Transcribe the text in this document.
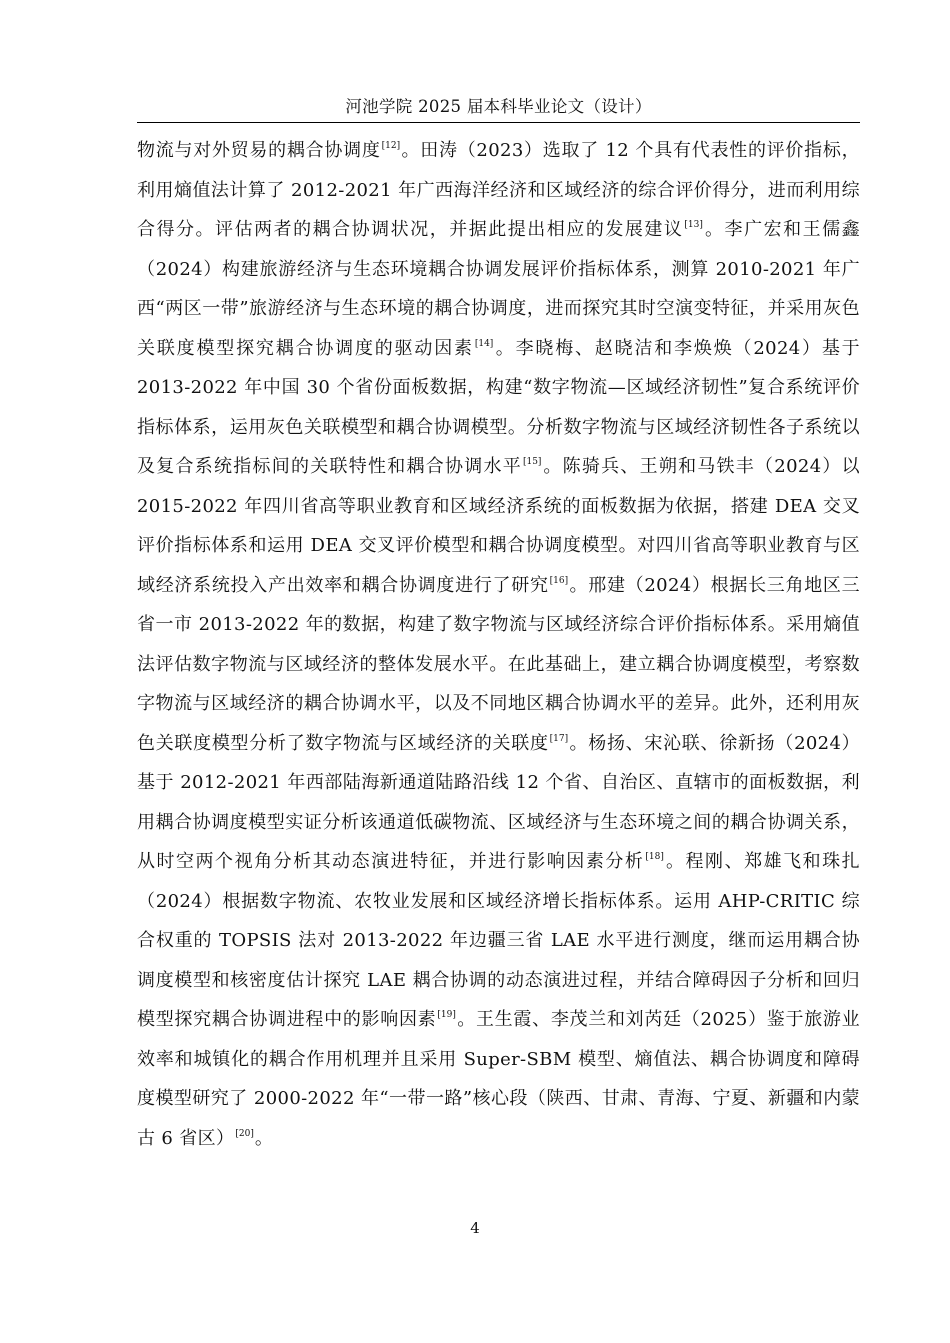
河池学院 2025 届本科毕业论文（设计）

物流与对外贸易的耦合协调度[12]。田涛（2023）选取了 12 个具有代表性的评价指标，利用熵值法计算了 2012-2021 年广西海洋经济和区域经济的综合评价得分，进而利用综合得分。评估两者的耦合协调状况，并据此提出相应的发展建议[13]。李广宏和王儒鑫（2024）构建旅游经济与生态环境耦合协调发展评价指标体系，测算 2010-2021 年广西“两区一带”旅游经济与生态环境的耦合协调度，进而探究其时空演变特征，并采用灰色关联度模型探究耦合协调度的驱动因素[14]。李晓梅、赵晓洁和李焕焕（2024）基于 2013-2022 年中国 30 个省份面板数据，构建“数字物流—区域经济韧性”复合系统评价指标体系，运用灰色关联模型和耦合协调模型。分析数字物流与区域经济韧性各子系统以及复合系统指标间的关联特性和耦合协调水平[15]。陈骑兵、王朔和马铁丰（2024）以 2015-2022 年四川省高等职业教育和区域经济系统的面板数据为依据，搭建 DEA 交叉评价指标体系和运用 DEA 交叉评价模型和耦合协调度模型。对四川省高等职业教育与区域经济系统投入产出效率和耦合协调度进行了研究[16]。邢建（2024）根据长三角地区三省一市 2013-2022 年的数据，构建了数字物流与区域经济综合评价指标体系。采用熵值法评估数字物流与区域经济的整体发展水平。在此基础上，建立耦合协调度模型，考察数字物流与区域经济的耦合协调水平，以及不同地区耦合协调水平的差异。此外，还利用灰色关联度模型分析了数字物流与区域经济的关联度[17]。杨扬、宋沁联、徐新扬（2024）基于 2012-2021 年西部陆海新通道陆路沿线 12 个省、自治区、直辖市的面板数据，利用耦合协调度模型实证分析该通道低碳物流、区域经济与生态环境之间的耦合协调关系，从时空两个视角分析其动态演进特征，并进行影响因素分析[18]。程刚、郑雄飞和珠扎（2024）根据数字物流、农牧业发展和区域经济增长指标体系。运用 AHP-CRITIC 综合权重的 TOPSIS 法对 2013-2022 年边疆三省 LAE 水平进行测度，继而运用耦合协调度模型和核密度估计探究 LAE 耦合协调的动态演进过程，并结合障碍因子分析和回归模型探究耦合协调进程中的影响因素[19]。王生霞、李茂兰和刘芮廷（2025）鉴于旅游业效率和城镇化的耦合作用机理并且采用 Super-SBM 模型、熵值法、耦合协调度和障碍度模型研究了 2000-2022 年“一带一路”核心段（陕西、甘肃、青海、宁夏、新疆和内蒙古 6 省区）[20]。

4
